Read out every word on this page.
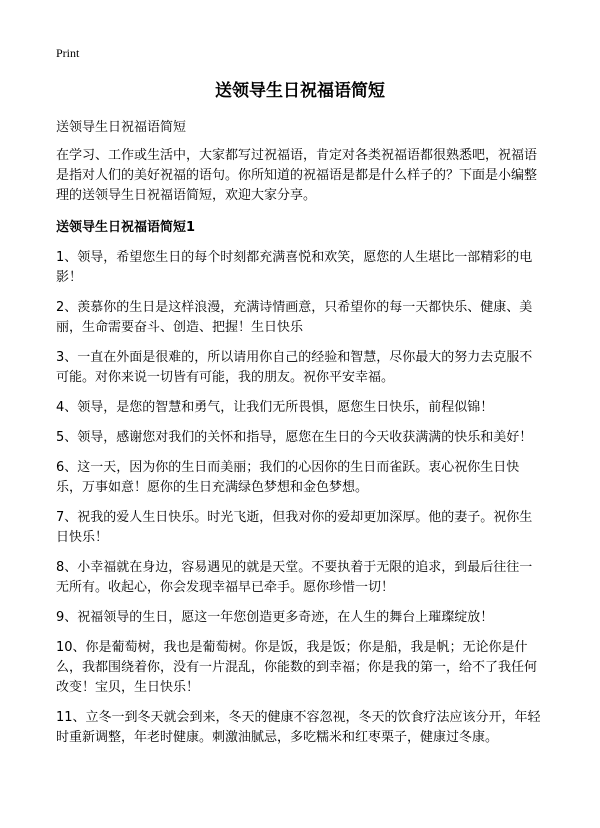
Print
送领导生日祝福语简短

送领导生日祝福语简短

在学习、工作或生活中，大家都写过祝福语，肯定对各类祝福语都很熟悉吧，祝福语是指对人们的美好祝福的语句。你所知道的祝福语是都是什么样子的？下面是小编整理的送领导生日祝福语简短，欢迎大家分享。

送领导生日祝福语简短1

1、领导，希望您生日的每个时刻都充满喜悦和欢笑，愿您的人生堪比一部精彩的电影！

2、羡慕你的生日是这样浪漫，充满诗情画意，只希望你的每一天都快乐、健康、美丽，生命需要奋斗、创造、把握！生日快乐

3、一直在外面是很难的，所以请用你自己的经验和智慧，尽你最大的努力去克服不可能。对你来说一切皆有可能，我的朋友。祝你平安幸福。

4、领导，是您的智慧和勇气，让我们无所畏惧，愿您生日快乐，前程似锦！

5、领导，感谢您对我们的关怀和指导，愿您在生日的今天收获满满的快乐和美好！

6、这一天，因为你的生日而美丽；我们的心因你的生日而雀跃。衷心祝你生日快乐，万事如意！愿你的生日充满绿色梦想和金色梦想。

7、祝我的爱人生日快乐。时光飞逝，但我对你的爱却更加深厚。他的妻子。祝你生日快乐！

8、小幸福就在身边，容易遇见的就是天堂。不要执着于无限的追求，到最后往往一无所有。收起心，你会发现幸福早已牵手。愿你珍惜一切！

9、祝福领导的生日，愿这一年您创造更多奇迹，在人生的舞台上璀璨绽放！

10、你是葡萄树，我也是葡萄树。你是饭，我是饭；你是船，我是帆；无论你是什么，我都围绕着你，没有一片混乱，你能数的到幸福；你是我的第一，给不了我任何改变！宝贝，生日快乐！

11、立冬一到冬天就会到来，冬天的健康不容忽视，冬天的饮食疗法应该分开，年轻时重新调整，年老时健康。刺激油腻忌，多吃糯米和红枣栗子，健康过冬康。
